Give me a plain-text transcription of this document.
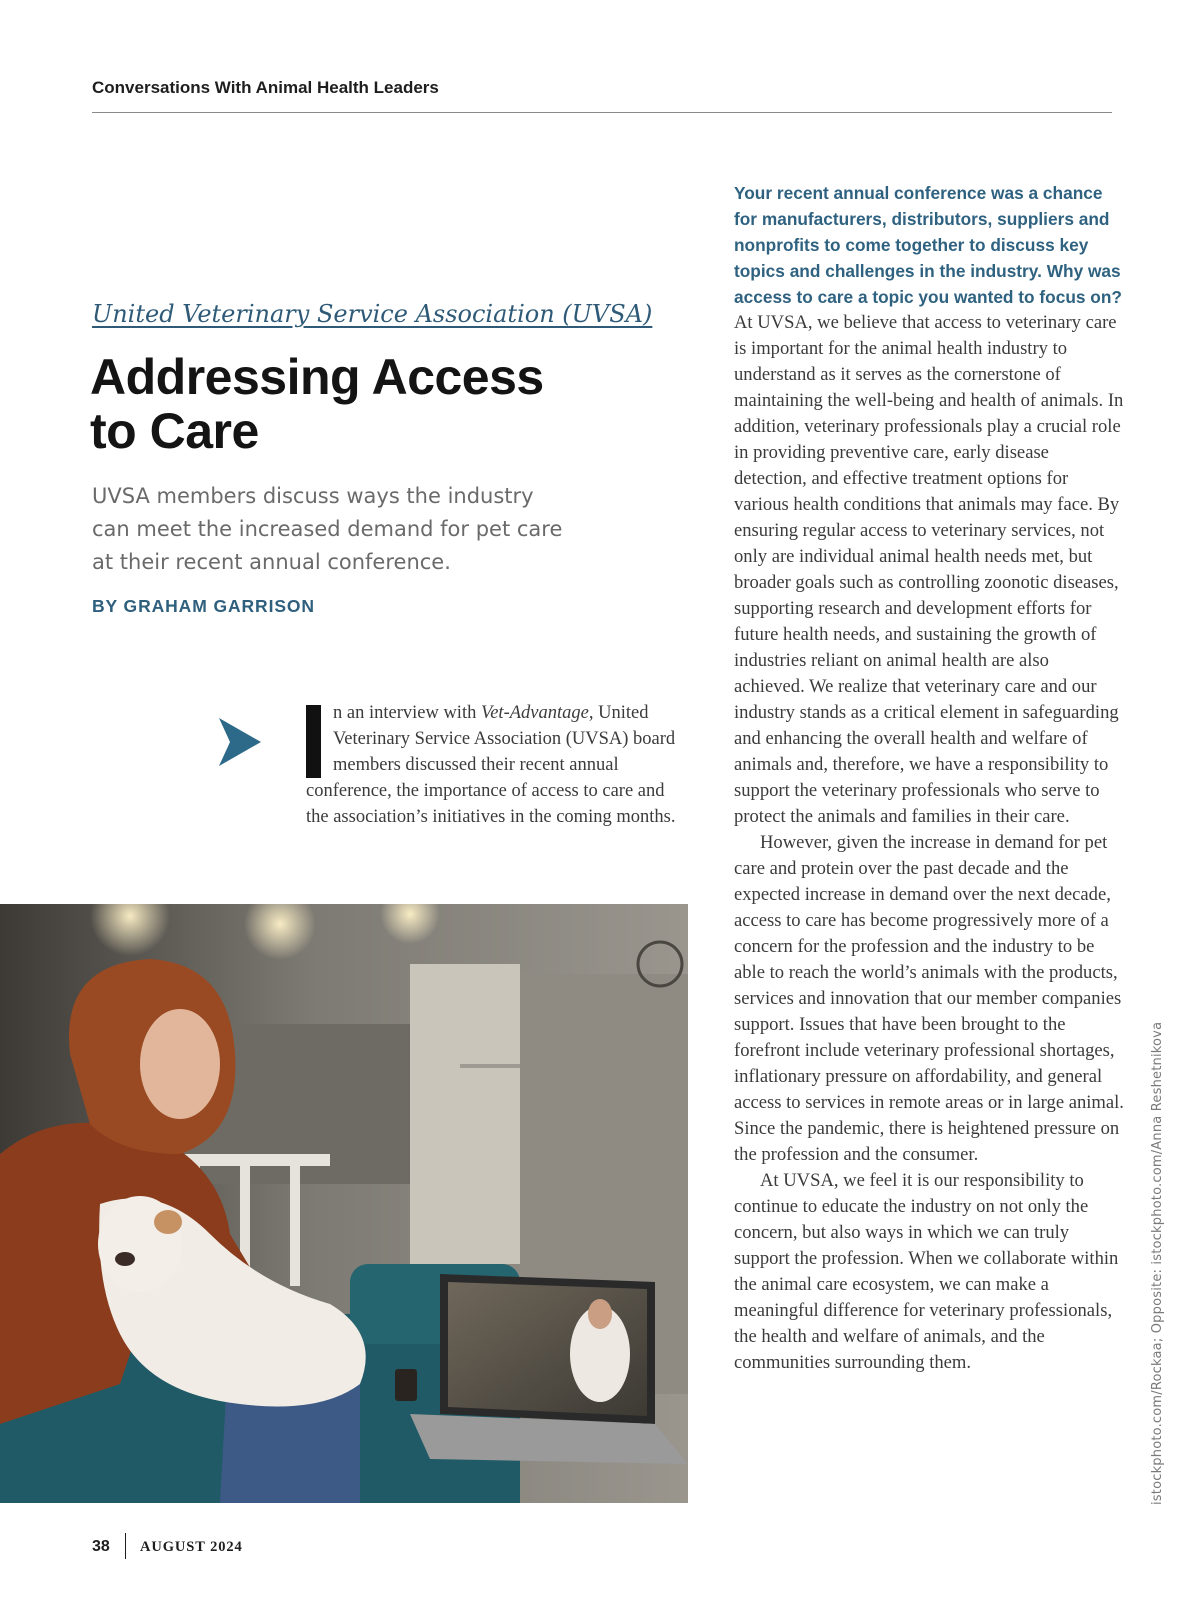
Conversations With Animal Health Leaders

United Veterinary Service Association (UVSA)

Addressing Access
to Care

UVSA members discuss ways the industry can meet the increased demand for pet care at their recent annual conference.

BY GRAHAM GARRISON

n an interview with Vet-Advantage, United Veterinary Service Association (UVSA) board members discussed their recent annual conference, the importance of access to care and the association’s initiatives in the coming months.

Your recent annual conference was a chance for manufacturers, distributors, suppliers and nonprofits to come together to discuss key topics and challenges in the industry. Why was access to care a topic you wanted to focus on?

At UVSA, we believe that access to veterinary care is important for the animal health industry to understand as it serves as the cornerstone of maintaining the well-being and health of animals. In addition, veterinary professionals play a crucial role in providing preventive care, early disease detection, and effective treatment options for various health conditions that animals may face. By ensuring regular access to veterinary services, not only are individual animal health needs met, but broader goals such as controlling zoonotic diseases, supporting research and development efforts for future health needs, and sustaining the growth of industries reliant on animal health are also achieved. We realize that veterinary care and our industry stands as a critical element in safeguarding and enhancing the overall health and welfare of animals and, therefore, we have a responsibility to support the veterinary professionals who serve to protect the animals and families in their care.

However, given the increase in demand for pet care and protein over the past decade and the expected increase in demand over the next decade, access to care has become progressively more of a concern for the profession and the industry to be able to reach the world’s animals with the products, services and innovation that our member companies support. Issues that have been brought to the forefront include veterinary professional shortages, inflationary pressure on affordability, and general access to services in remote areas or in large animal. Since the pandemic, there is heightened pressure on the profession and the consumer.

At UVSA, we feel it is our responsibility to continue to educate the industry on not only the concern, but also ways in which we can truly support the profession. When we collaborate within the animal care ecosystem, we can make a meaningful difference for veterinary professionals, the health and welfare of animals, and the communities surrounding them.	istockphoto.com/Rockaa; Opposite: istockphoto.com/Anna Reshetnikova
38 AUGUST 2024
